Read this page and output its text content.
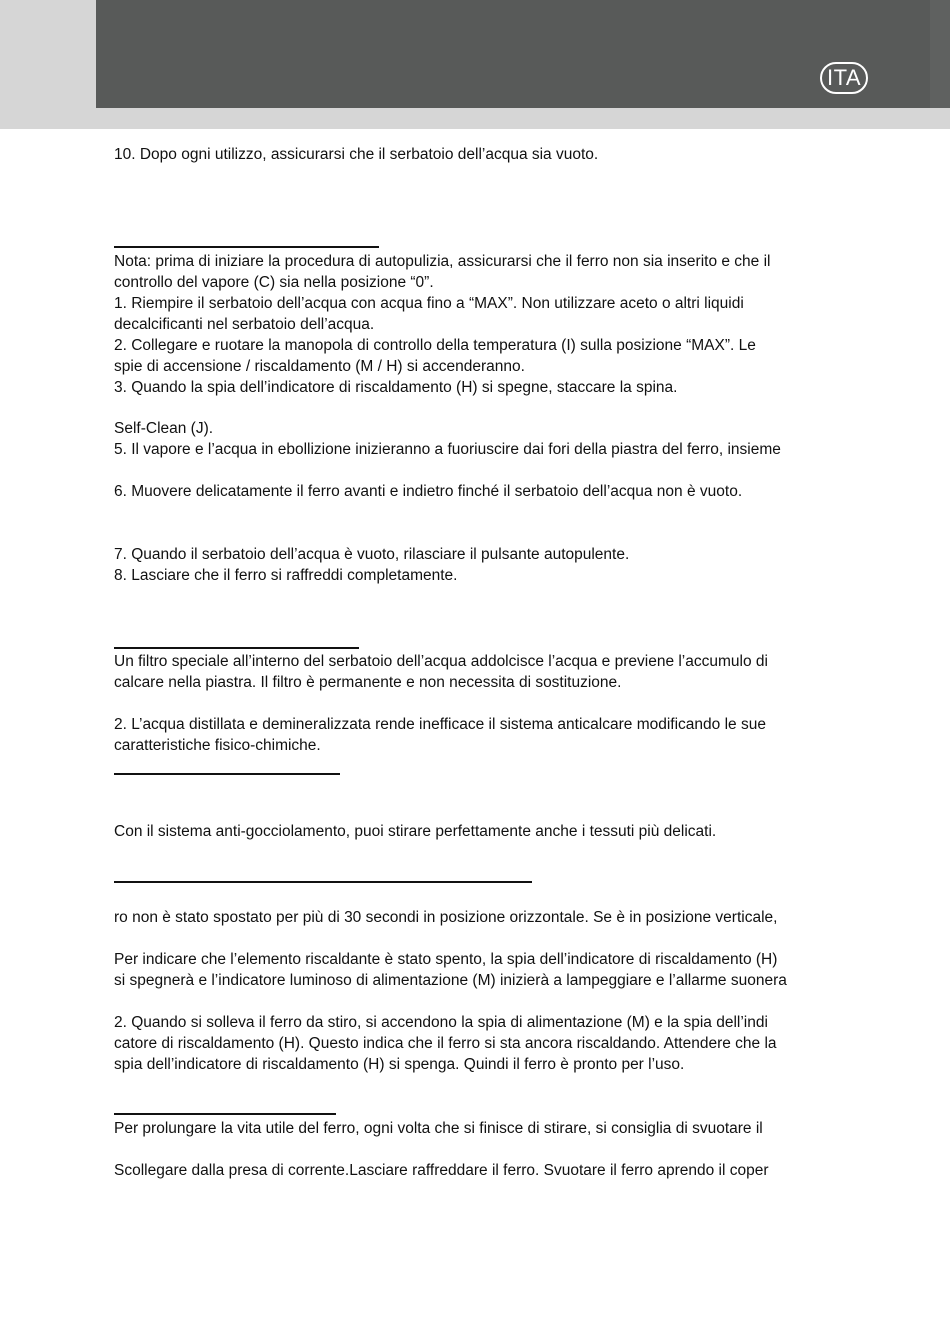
ITA
10. Dopo ogni utilizzo, assicurarsi che il serbatoio dell’acqua sia vuoto.
Nota: prima di iniziare la procedura di autopulizia, assicurarsi che il ferro non sia inserito e che il
controllo del vapore (C) sia nella posizione “0”.
1. Riempire il serbatoio dell’acqua con acqua fino a “MAX”. Non utilizzare aceto o altri liquidi
decalcificanti nel serbatoio dell’acqua.
2. Collegare e ruotare la manopola di controllo della temperatura (I) sulla posizione “MAX”. Le
spie di accensione / riscaldamento (M / H) si accenderanno.
3. Quando la spia dell’indicatore di riscaldamento (H) si spegne, staccare la spina.
Self-Clean (J).
5. Il vapore e l’acqua in ebollizione inizieranno a fuoriuscire dai fori della piastra del ferro, insieme
6. Muovere delicatamente il ferro avanti e indietro finché il serbatoio dell’acqua non è vuoto.
7. Quando il serbatoio dell’acqua è vuoto, rilasciare il pulsante autopulente.
8. Lasciare che il ferro si raffreddi completamente.
Un filtro speciale all’interno del serbatoio dell’acqua addolcisce l’acqua e previene l’accumulo di
calcare nella piastra. Il filtro è permanente e non necessita di sostituzione.
2. L’acqua distillata e demineralizzata rende inefficace il sistema anticalcare modificando le sue
caratteristiche fisico-chimiche.
Con il sistema anti-gocciolamento, puoi stirare perfettamente anche i tessuti più delicati.
ro non è stato spostato per più di 30 secondi in posizione orizzontale. Se è in posizione verticale,
Per indicare che l’elemento riscaldante è stato spento, la spia dell’indicatore di riscaldamento (H)
si spegnerà e l’indicatore luminoso di alimentazione (M) inizierà a lampeggiare e l’allarme suonera
2. Quando si solleva il ferro da stiro, si accendono la spia di alimentazione (M) e la spia dell’indi
catore di riscaldamento (H). Questo indica che il ferro si sta ancora riscaldando. Attendere che la
spia dell’indicatore di riscaldamento (H) si spenga. Quindi il ferro è pronto per l’uso.
Per prolungare la vita utile del ferro, ogni volta che si finisce di stirare, si consiglia di svuotare il
Scollegare dalla presa di corrente.Lasciare raffreddare il ferro. Svuotare il ferro aprendo il coper
